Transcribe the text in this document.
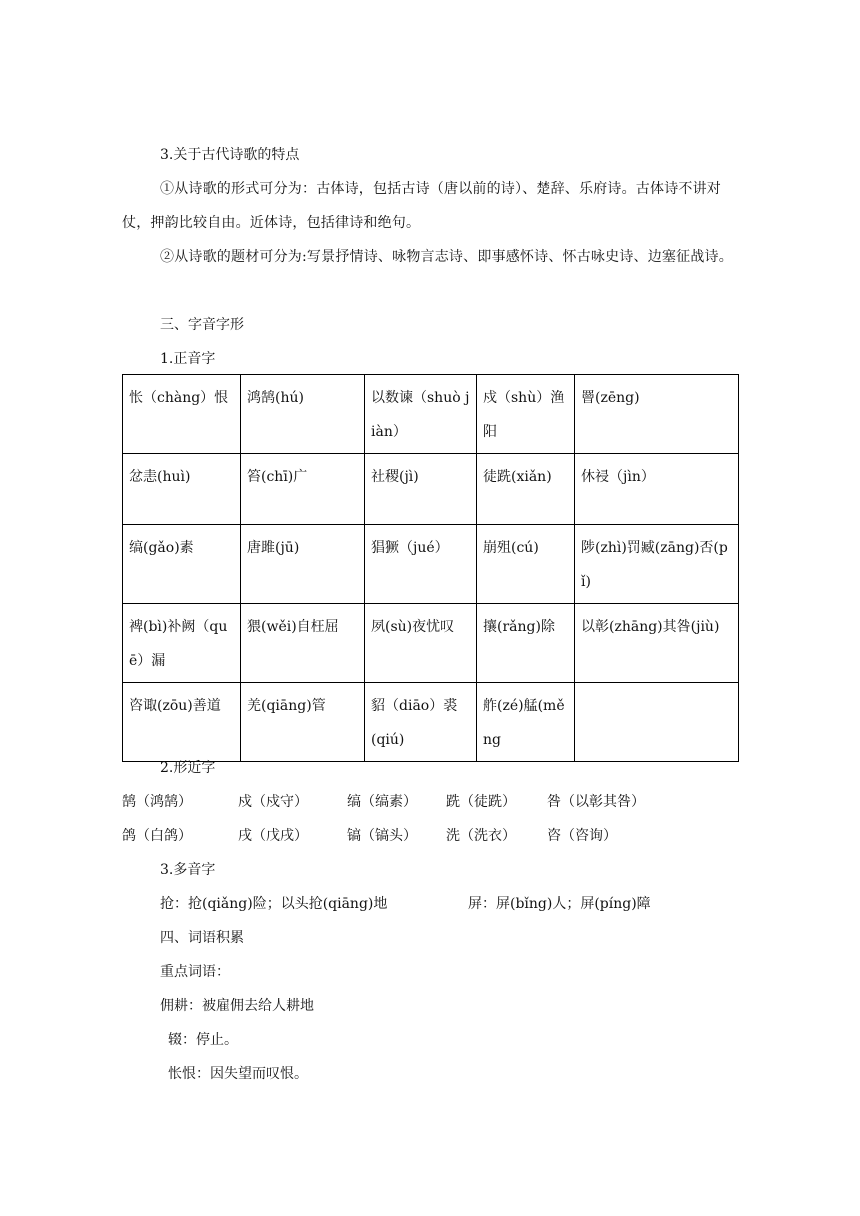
3.关于古代诗歌的特点
①从诗歌的形式可分为：古体诗，包括古诗（唐以前的诗）、楚辞、乐府诗。古体诗不讲对仗，押韵比较自由。近体诗，包括律诗和绝句。
②从诗歌的题材可分为:写景抒情诗、咏物言志诗、即事感怀诗、怀古咏史诗、边塞征战诗。
三、字音字形
1.正音字
怅（chàng）恨	鸿鹄(hú)	以数谏（shuò jiàn）	戍（shù）渔阳	罾(zēng)
忿恚(huì)	笞(chī)广	社稷(jì)	徒跣(xiǎn)	休祲（jìn）
缟(gǎo)素	唐雎(jū)	猖獗（jué）	崩殂(cú)	陟(zhì)罚臧(zāng)否(pǐ)
裨(bì)补阙（quē）漏	猥(wěi)自枉屈	夙(sù)夜忧叹	攘(rǎng)除	以彰(zhāng)其咎(jiù)
咨诹(zōu)善道	羌(qiāng)管	貂（diāo）裘(qiú)	舴(zé)艋(měng	
2.形近字
鹄（鸿鹄）	戍（戍守）	缟（缟素） 跣（徒跣） 咎（以彰其咎）
鸽（白鸽）	戌（戊戌）	镐（镐头） 洗（洗衣） 咨（咨询）
3.多音字
抢：抢(qiǎng)险；以头抢(qiāng)地	屏：屏(bǐng)人；屏(píng)障
四、词语积累
重点词语：
佣耕：被雇佣去给人耕地
辍：停止。
怅恨：因失望而叹恨。
